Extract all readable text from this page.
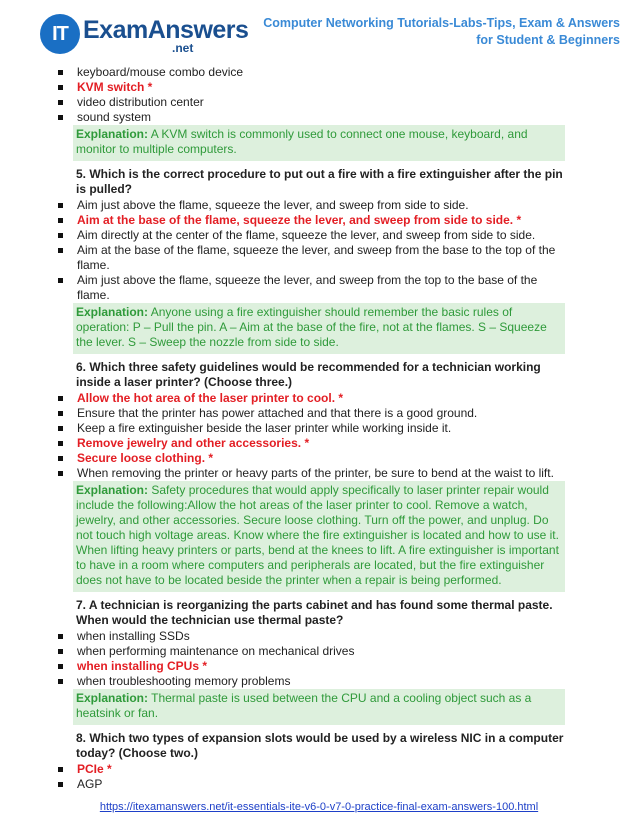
IT ExamAnswers
.net
Computer Networking Tutorials-Labs-Tips, Exam & Answers
for Student & Beginners
keyboard/mouse combo device
KVM switch *
video distribution center
sound system
Explanation: A KVM switch is commonly used to connect one mouse, keyboard, and monitor to multiple computers.
5. Which is the correct procedure to put out a fire with a fire extinguisher after the pin is pulled?
Aim just above the flame, squeeze the lever, and sweep from side to side.
Aim at the base of the flame, squeeze the lever, and sweep from side to side. *
Aim directly at the center of the flame, squeeze the lever, and sweep from side to side.
Aim at the base of the flame, squeeze the lever, and sweep from the base to the top of the flame.
Aim just above the flame, squeeze the lever, and sweep from the top to the base of the flame.
Explanation: Anyone using a fire extinguisher should remember the basic rules of operation: P – Pull the pin. A – Aim at the base of the fire, not at the flames. S – Squeeze the lever. S – Sweep the nozzle from side to side.
6. Which three safety guidelines would be recommended for a technician working inside a laser printer? (Choose three.)
Allow the hot area of the laser printer to cool. *
Ensure that the printer has power attached and that there is a good ground.
Keep a fire extinguisher beside the laser printer while working inside it.
Remove jewelry and other accessories. *
Secure loose clothing. *
When removing the printer or heavy parts of the printer, be sure to bend at the waist to lift.
Explanation: Safety procedures that would apply specifically to laser printer repair would include the following:Allow the hot areas of the laser printer to cool. Remove a watch, jewelry, and other accessories. Secure loose clothing. Turn off the power, and unplug. Do not touch high voltage areas. Know where the fire extinguisher is located and how to use it. When lifting heavy printers or parts, bend at the knees to lift. A fire extinguisher is important to have in a room where computers and peripherals are located, but the fire extinguisher does not have to be located beside the printer when a repair is being performed.
7. A technician is reorganizing the parts cabinet and has found some thermal paste. When would the technician use thermal paste?
when installing SSDs
when performing maintenance on mechanical drives
when installing CPUs *
when troubleshooting memory problems
Explanation: Thermal paste is used between the CPU and a cooling object such as a heatsink or fan.
8. Which two types of expansion slots would be used by a wireless NIC in a computer today? (Choose two.)
PCIe *
AGP
https://itexamanswers.net/it-essentials-ite-v6-0-v7-0-practice-final-exam-answers-100.html
